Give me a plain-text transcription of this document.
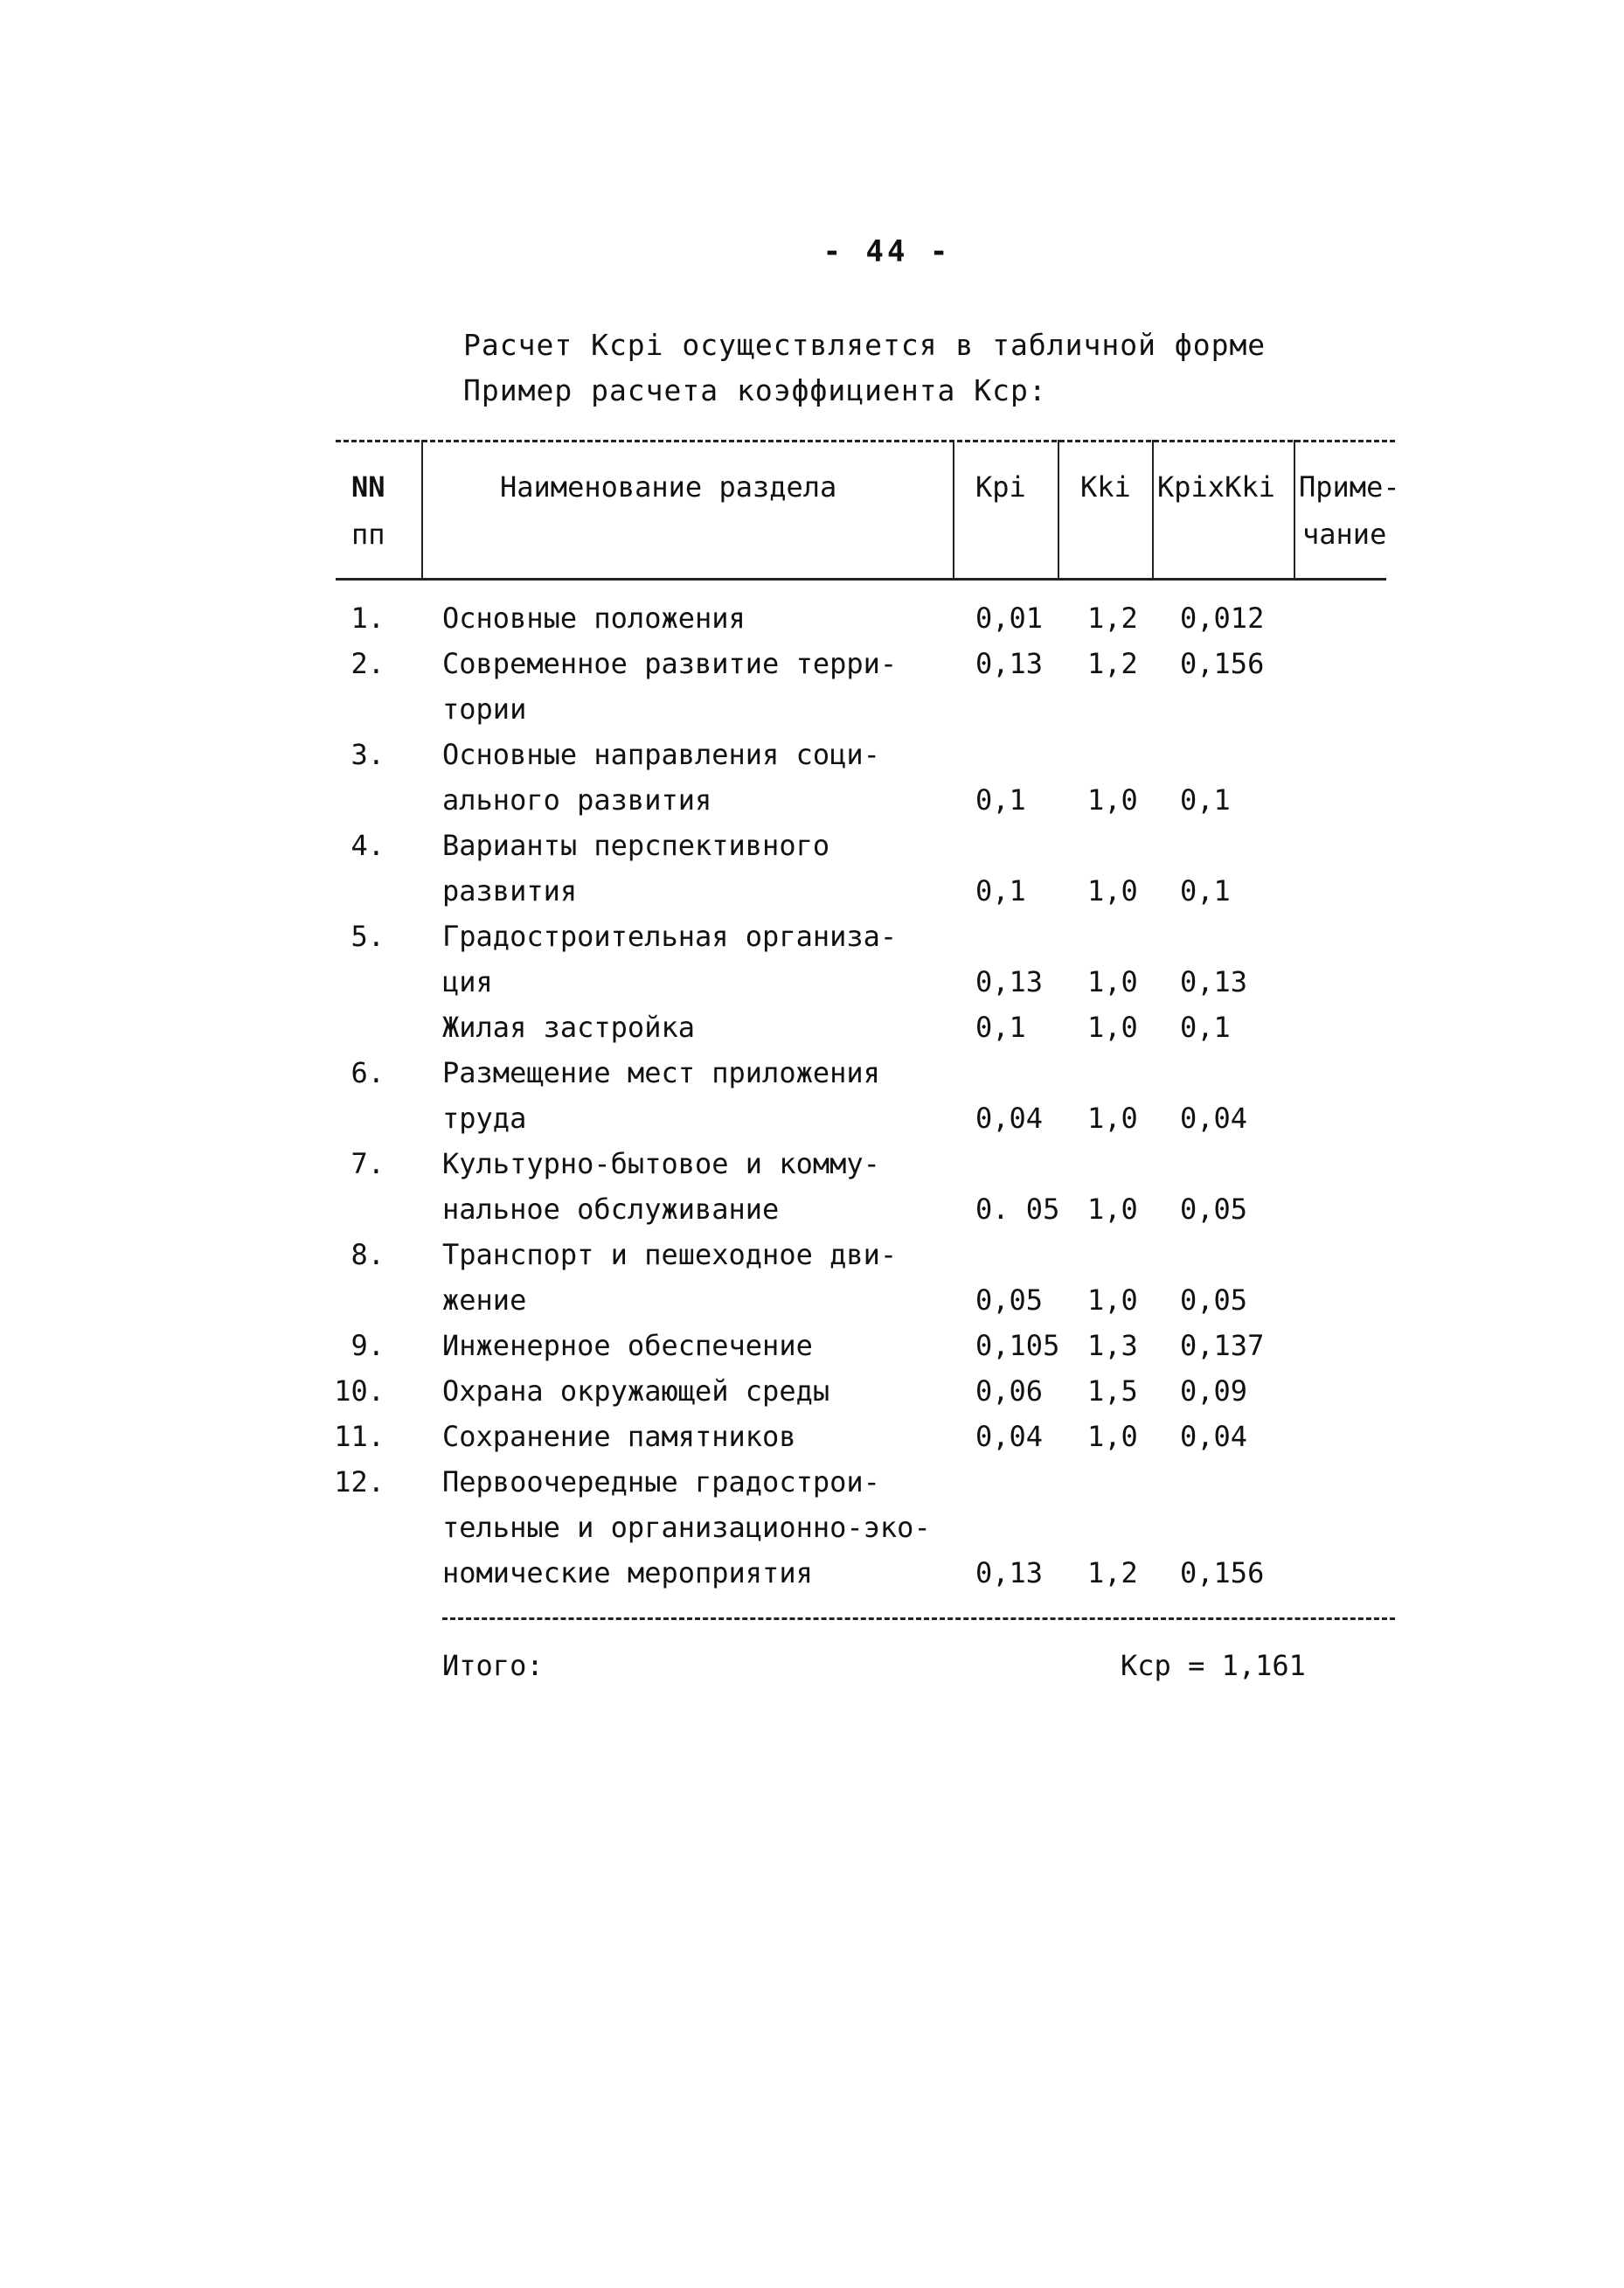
- 44 -
Расчет Кcpi осуществляется в табличной форме
Пример расчета коэффициента Кср:
NN
пп
Наименование раздела	Кpi Кki КpiхКki Приме-
чание
1. Основные положения	0,01 1,2 0,012
2. Современное развитие терри-	0,13 1,2 0,156
тории
3. Основные направления соци-
ального развития	0,1 1,0 0,1
4. Варианты перспективного
развития	0,1 1,0 0,1
5. Градостроительная организа-
ция	0,13 1,0 0,13
Жилая застройка	0,1 1,0 0,1
6. Размещение мест приложения
труда	0,04 1,0 0,04
7. Культурно-бытовое и комму-
нальное обслуживание	0. 05 1,0 0,05
8. Транспорт и пешеходное дви-
жение	0,05 1,0 0,05
9. Инженерное обеспечение	0,105 1,3 0,137
10. Охрана окружающей среды	0,06 1,5 0,09
11. Сохранение памятников	0,04 1,0 0,04
12. Первоочередные градострои-
тельные и организационно-эко-
номические мероприятия	0,13 1,2 0,156
Итого:	Кср = 1,161
